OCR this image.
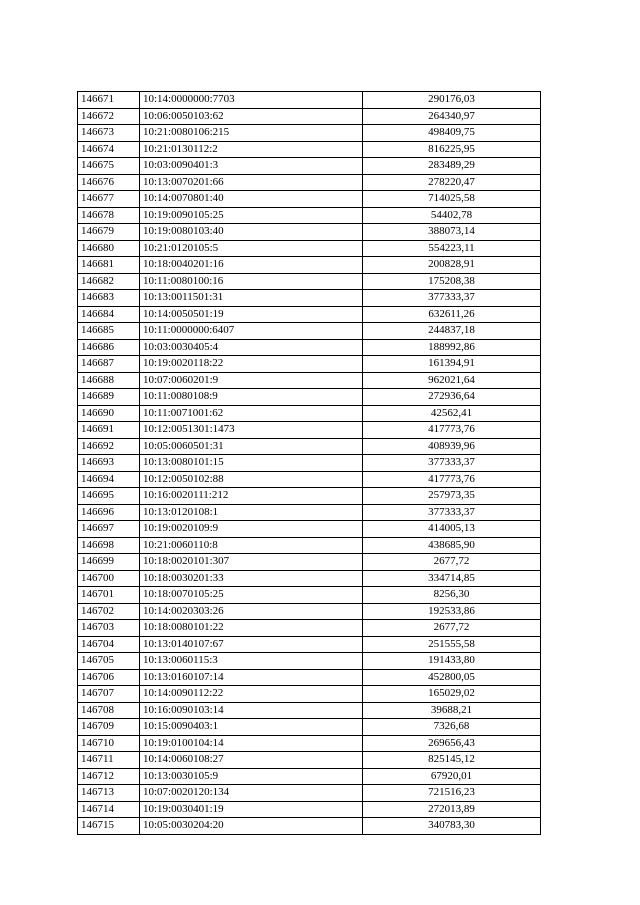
146671	10:14:0000000:7703	290176,03
146672	10:06:0050103:62	264340,97
146673	10:21:0080106:215	498409,75
146674	10:21:0130112:2	816225,95
146675	10:03:0090401:3	283489,29
146676	10:13:0070201:66	278220,47
146677	10:14:0070801:40	714025,58
146678	10:19:0090105:25	54402,78
146679	10:19:0080103:40	388073,14
146680	10:21:0120105:5	554223,11
146681	10:18:0040201:16	200828,91
146682	10:11:0080100:16	175208,38
146683	10:13:0011501:31	377333,37
146684	10:14:0050501:19	632611,26
146685	10:11:0000000:6407	244837,18
146686	10:03:0030405:4	188992,86
146687	10:19:0020118:22	161394,91
146688	10:07:0060201:9	962021,64
146689	10:11:0080108:9	272936,64
146690	10:11:0071001:62	42562,41
146691	10:12:0051301:1473	417773,76
146692	10:05:0060501:31	408939,96
146693	10:13:0080101:15	377333,37
146694	10:12:0050102:88	417773,76
146695	10:16:0020111:212	257973,35
146696	10:13:0120108:1	377333,37
146697	10:19:0020109:9	414005,13
146698	10:21:0060110:8	438685,90
146699	10:18:0020101:307	2677,72
146700	10:18:0030201:33	334714,85
146701	10:18:0070105:25	8256,30
146702	10:14:0020303:26	192533,86
146703	10:18:0080101:22	2677,72
146704	10:13:0140107:67	251555,58
146705	10:13:0060115:3	191433,80
146706	10:13:0160107:14	452800,05
146707	10:14:0090112:22	165029,02
146708	10:16:0090103:14	39688,21
146709	10:15:0090403:1	7326,68
146710	10:19:0100104:14	269656,43
146711	10:14:0060108:27	825145,12
146712	10:13:0030105:9	67920,01
146713	10:07:0020120:134	721516,23
146714	10:19:0030401:19	272013,89
146715	10:05:0030204:20	340783,30
